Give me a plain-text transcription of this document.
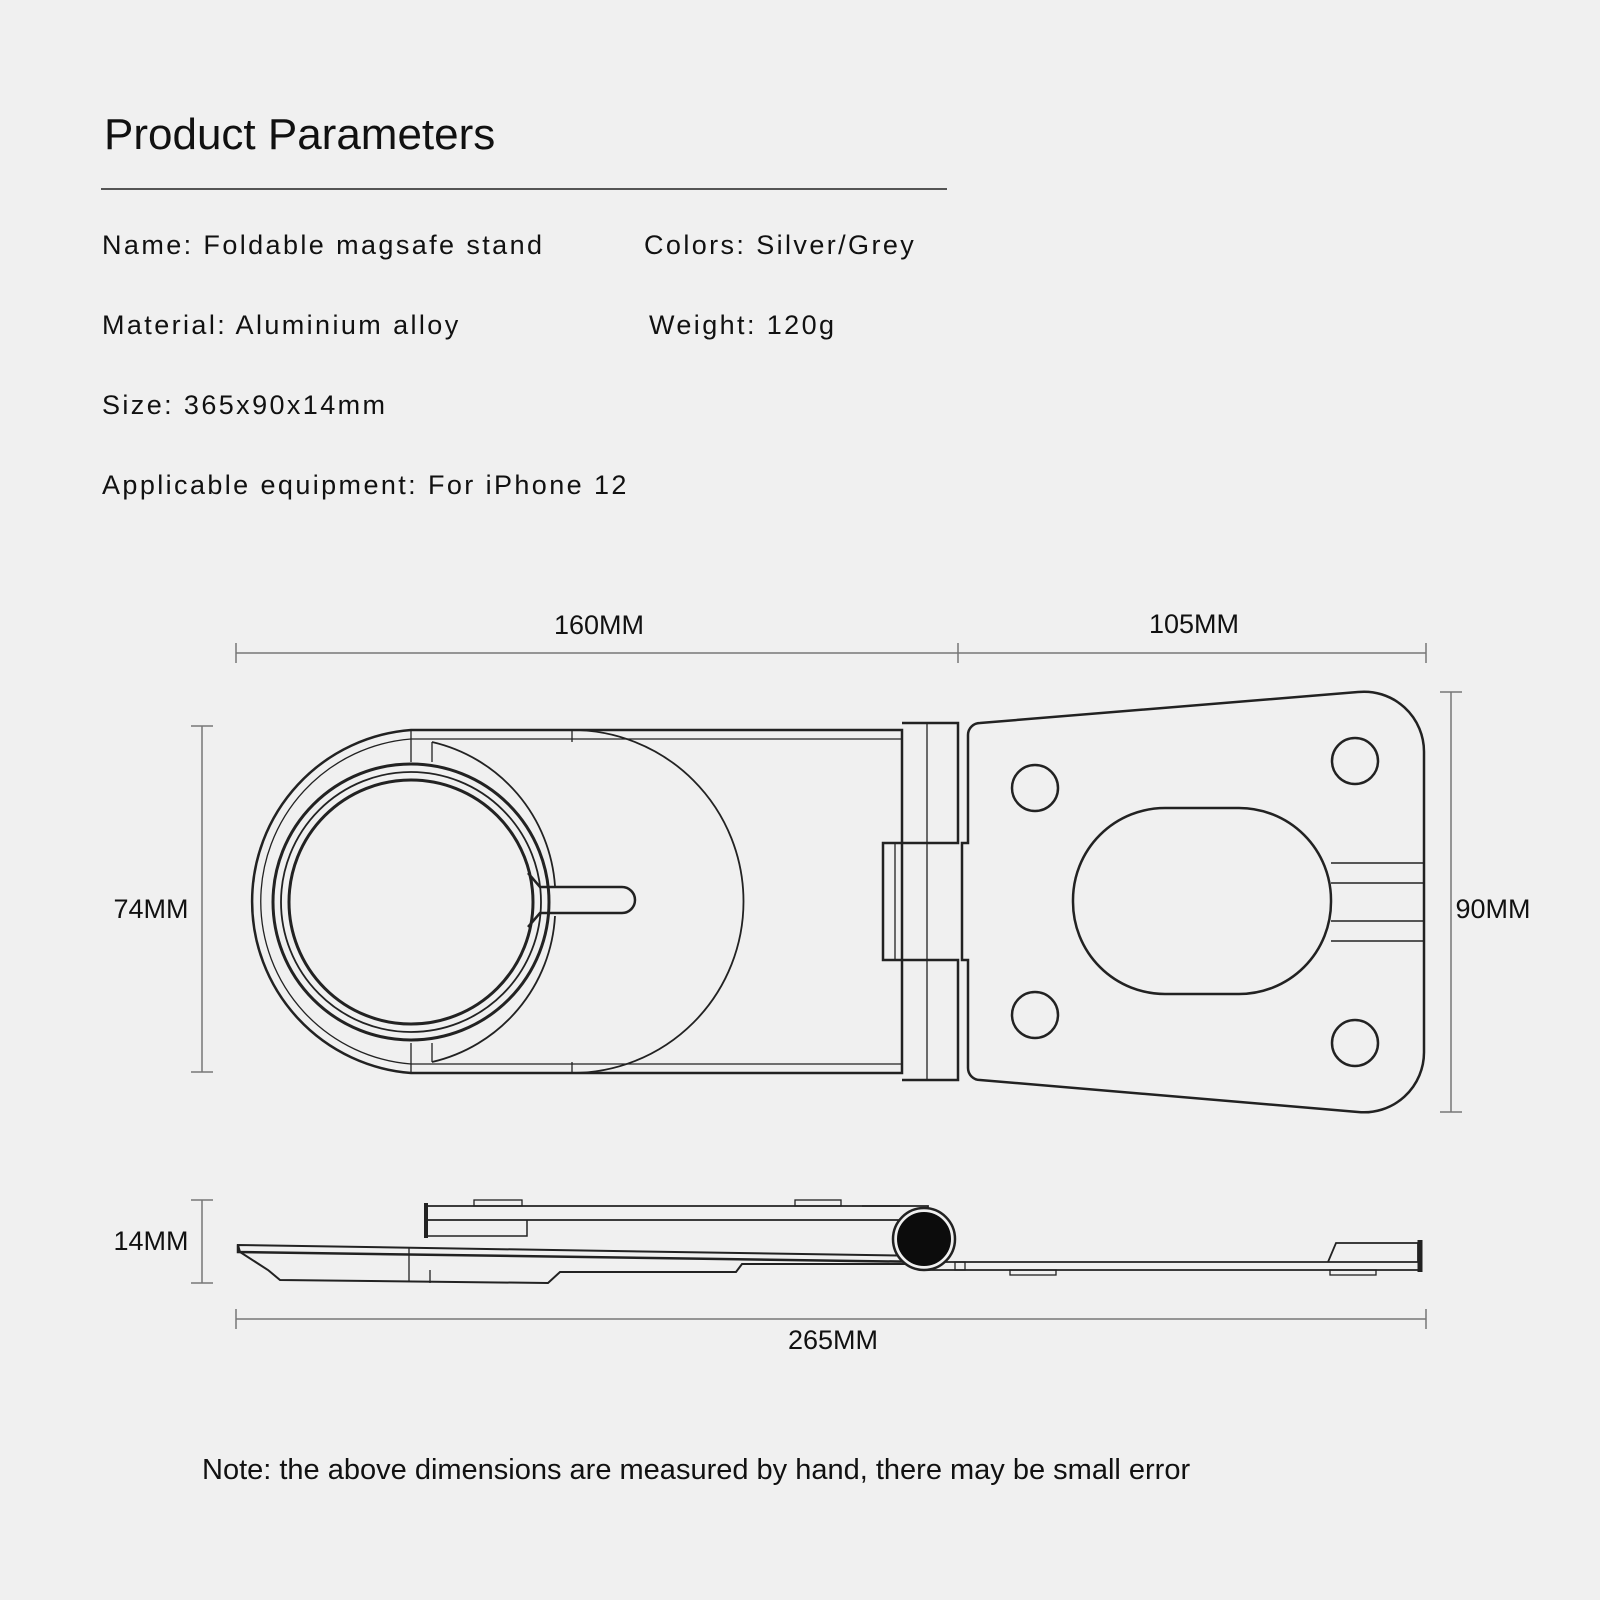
Product Parameters
Name: Foldable magsafe stand	Colors: Silver/Grey
Material: Aluminium alloy	Weight: 120g
Size: 365x90x14mm
Applicable equipment: For iPhone 12
160MM	105MM
74MM	90MM
14MM
265MM
Note: the above dimensions are measured by hand, there may be small error
